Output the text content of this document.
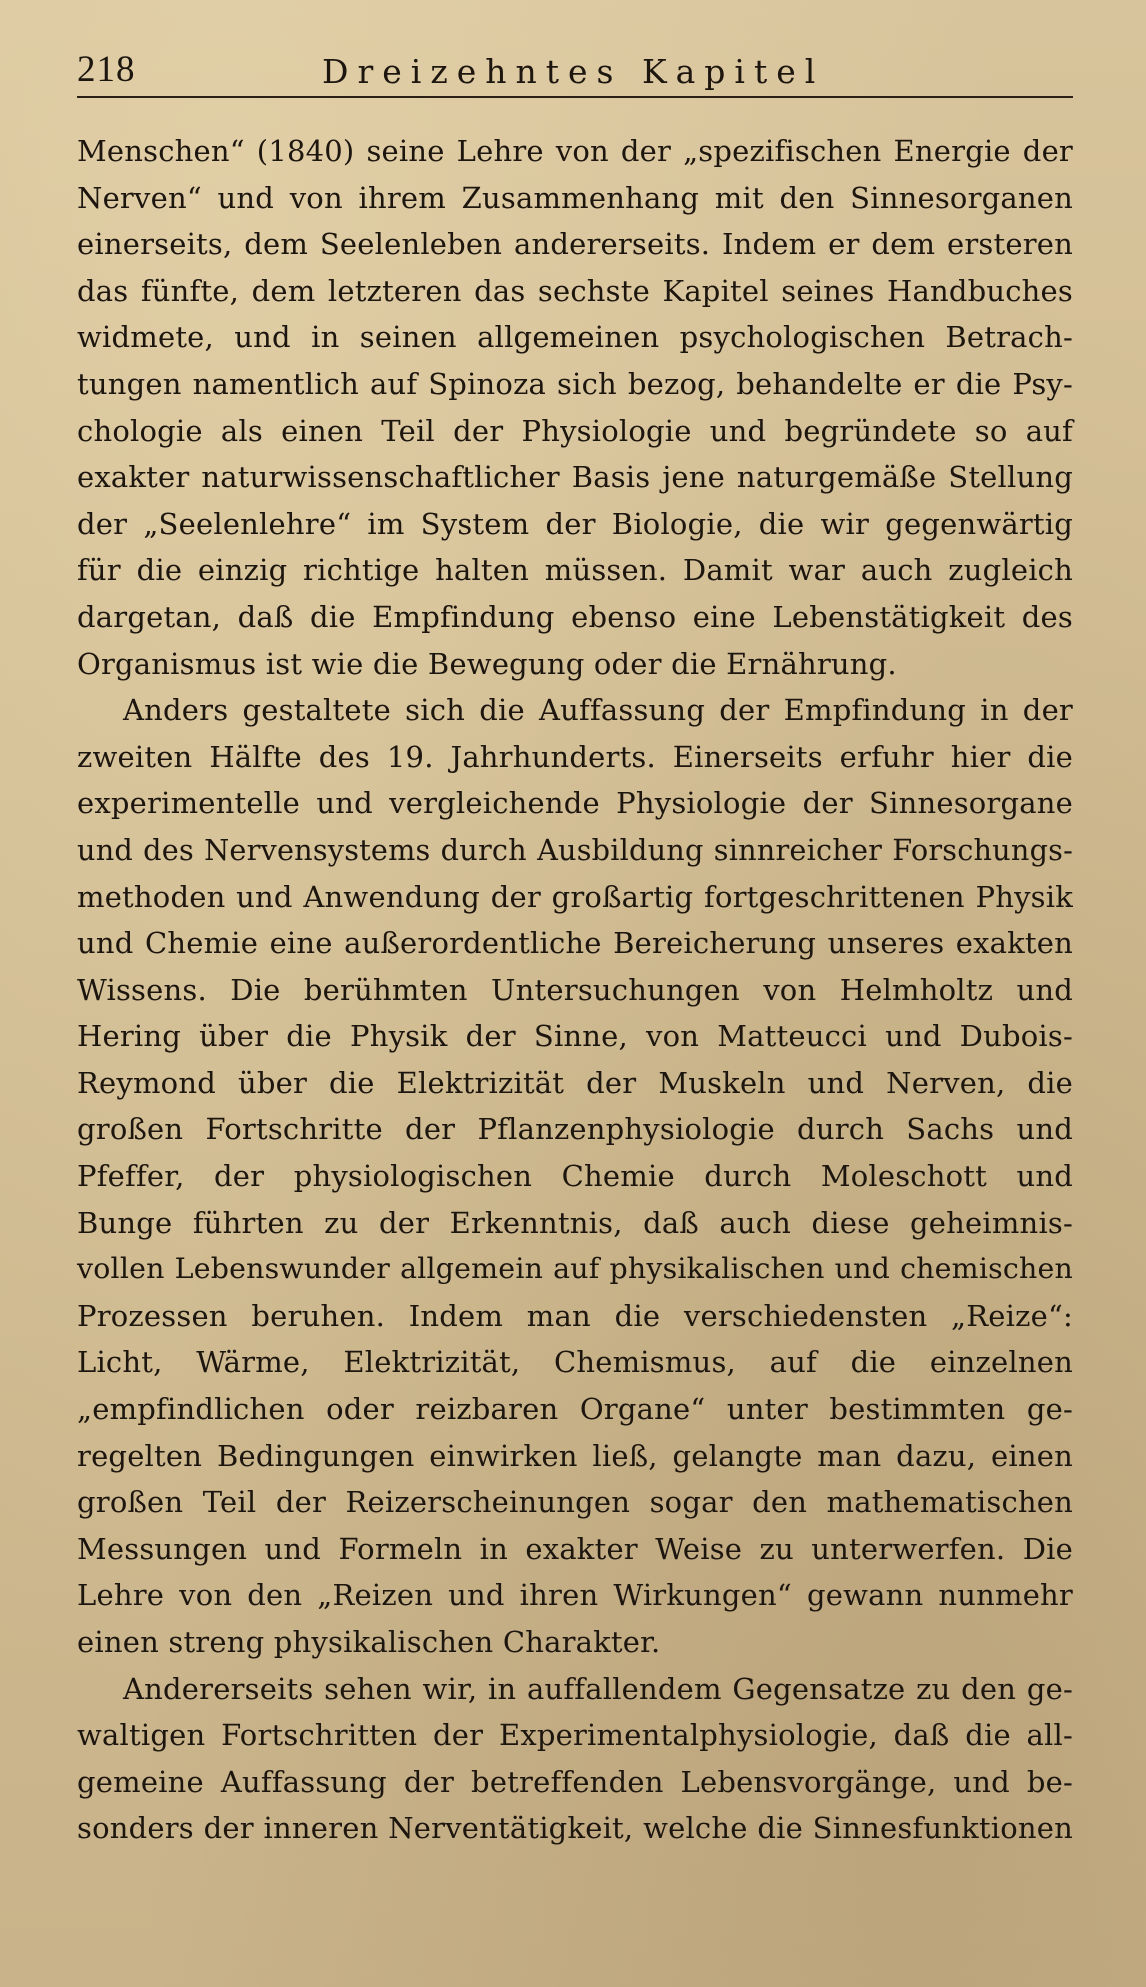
218	Dreizehntes Kapitel
Menschen“ (1840) seine Lehre von der „spezifischen Energie der
Nerven“ und von ihrem Zusammenhang mit den Sinnesorganen
einerseits, dem Seelenleben andererseits. Indem er dem ersteren
das fünfte, dem letzteren das sechste Kapitel seines Handbuches
widmete, und in seinen allgemeinen psychologischen Betrach-
tungen namentlich auf Spinoza sich bezog, behandelte er die Psy-
chologie als einen Teil der Physiologie und begründete so auf
exakter naturwissenschaftlicher Basis jene naturgemäße Stellung
der „Seelenlehre“ im System der Biologie, die wir gegenwärtig
für die einzig richtige halten müssen. Damit war auch zugleich
dargetan, daß die Empfindung ebenso eine Lebenstätigkeit des
Organismus ist wie die Bewegung oder die Ernährung.
Anders gestaltete sich die Auffassung der Empfindung in der
zweiten Hälfte des 19. Jahrhunderts. Einerseits erfuhr hier die
experimentelle und vergleichende Physiologie der Sinnesorgane
und des Nervensystems durch Ausbildung sinnreicher Forschungs-
methoden und Anwendung der großartig fortgeschrittenen Physik
und Chemie eine außerordentliche Bereicherung unseres exakten
Wissens. Die berühmten Untersuchungen von Helmholtz und
Hering über die Physik der Sinne, von Matteucci und Dubois-
Reymond über die Elektrizität der Muskeln und Nerven, die
großen Fortschritte der Pflanzenphysiologie durch Sachs und
Pfeffer, der physiologischen Chemie durch Moleschott und
Bunge führten zu der Erkenntnis, daß auch diese geheimnis-
vollen Lebenswunder allgemein auf physikalischen und chemischen
Prozessen beruhen. Indem man die verschiedensten „Reize“:
Licht, Wärme, Elektrizität, Chemismus, auf die einzelnen
„empfindlichen oder reizbaren Organe“ unter bestimmten ge-
regelten Bedingungen einwirken ließ, gelangte man dazu, einen
großen Teil der Reizerscheinungen sogar den mathematischen
Messungen und Formeln in exakter Weise zu unterwerfen. Die
Lehre von den „Reizen und ihren Wirkungen“ gewann nunmehr
einen streng physikalischen Charakter.
Andererseits sehen wir, in auffallendem Gegensatze zu den ge-
waltigen Fortschritten der Experimentalphysiologie, daß die all-
gemeine Auffassung der betreffenden Lebensvorgänge, und be-
sonders der inneren Nerventätigkeit, welche die Sinnesfunktionen
